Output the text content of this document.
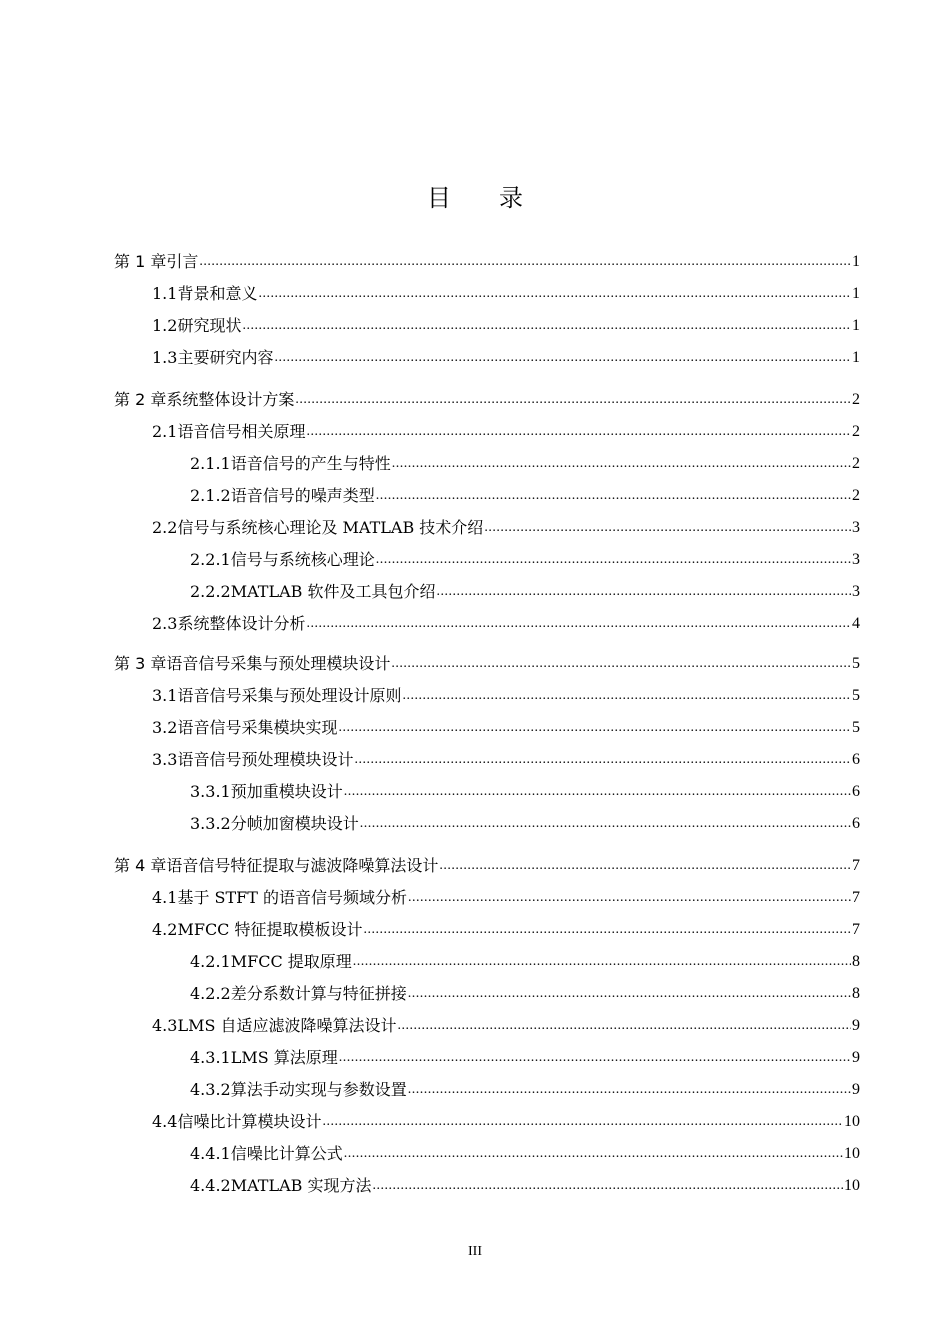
目 录
第 1 章 引言 .....	1
1.1 背景和意义 .....	1
1.2 研究现状 .....	1
1.3 主要研究内容 .....	1
第 2 章 系统整体设计方案 .....	2
2.1 语音信号相关原理 .....	2
2.1.1 语音信号的产生与特性 .....	2
2.1.2 语音信号的噪声类型 .....	2
2.2 信号与系统核心理论及 MATLAB 技术介绍 .....	3
2.2.1 信号与系统核心理论 .....	3
2.2.2 MATLAB 软件及工具包介绍 .....	3
2.3 系统整体设计分析 .....	4
第 3 章 语音信号采集与预处理模块设计 .....	5
3.1 语音信号采集与预处理设计原则 .....	5
3.2 语音信号采集模块实现 .....	5
3.3 语音信号预处理模块设计 .....	6
3.3.1 预加重模块设计 .....	6
3.3.2 分帧加窗模块设计 .....	6
第 4 章 语音信号特征提取与滤波降噪算法设计 .....	7
4.1 基于 STFT 的语音信号频域分析 .....	7
4.2 MFCC 特征提取模板设计 .....	7
4.2.1 MFCC 提取原理 .....	8
4.2.2 差分系数计算与特征拼接 .....	8
4.3 LMS 自适应滤波降噪算法设计 .....	9
4.3.1 LMS 算法原理 .....	9
4.3.2 算法手动实现与参数设置 .....	9
4.4 信噪比计算模块设计 .....	10
4.4.1 信噪比计算公式 .....	10
4.4.2 MATLAB 实现方法 .....	10
III
